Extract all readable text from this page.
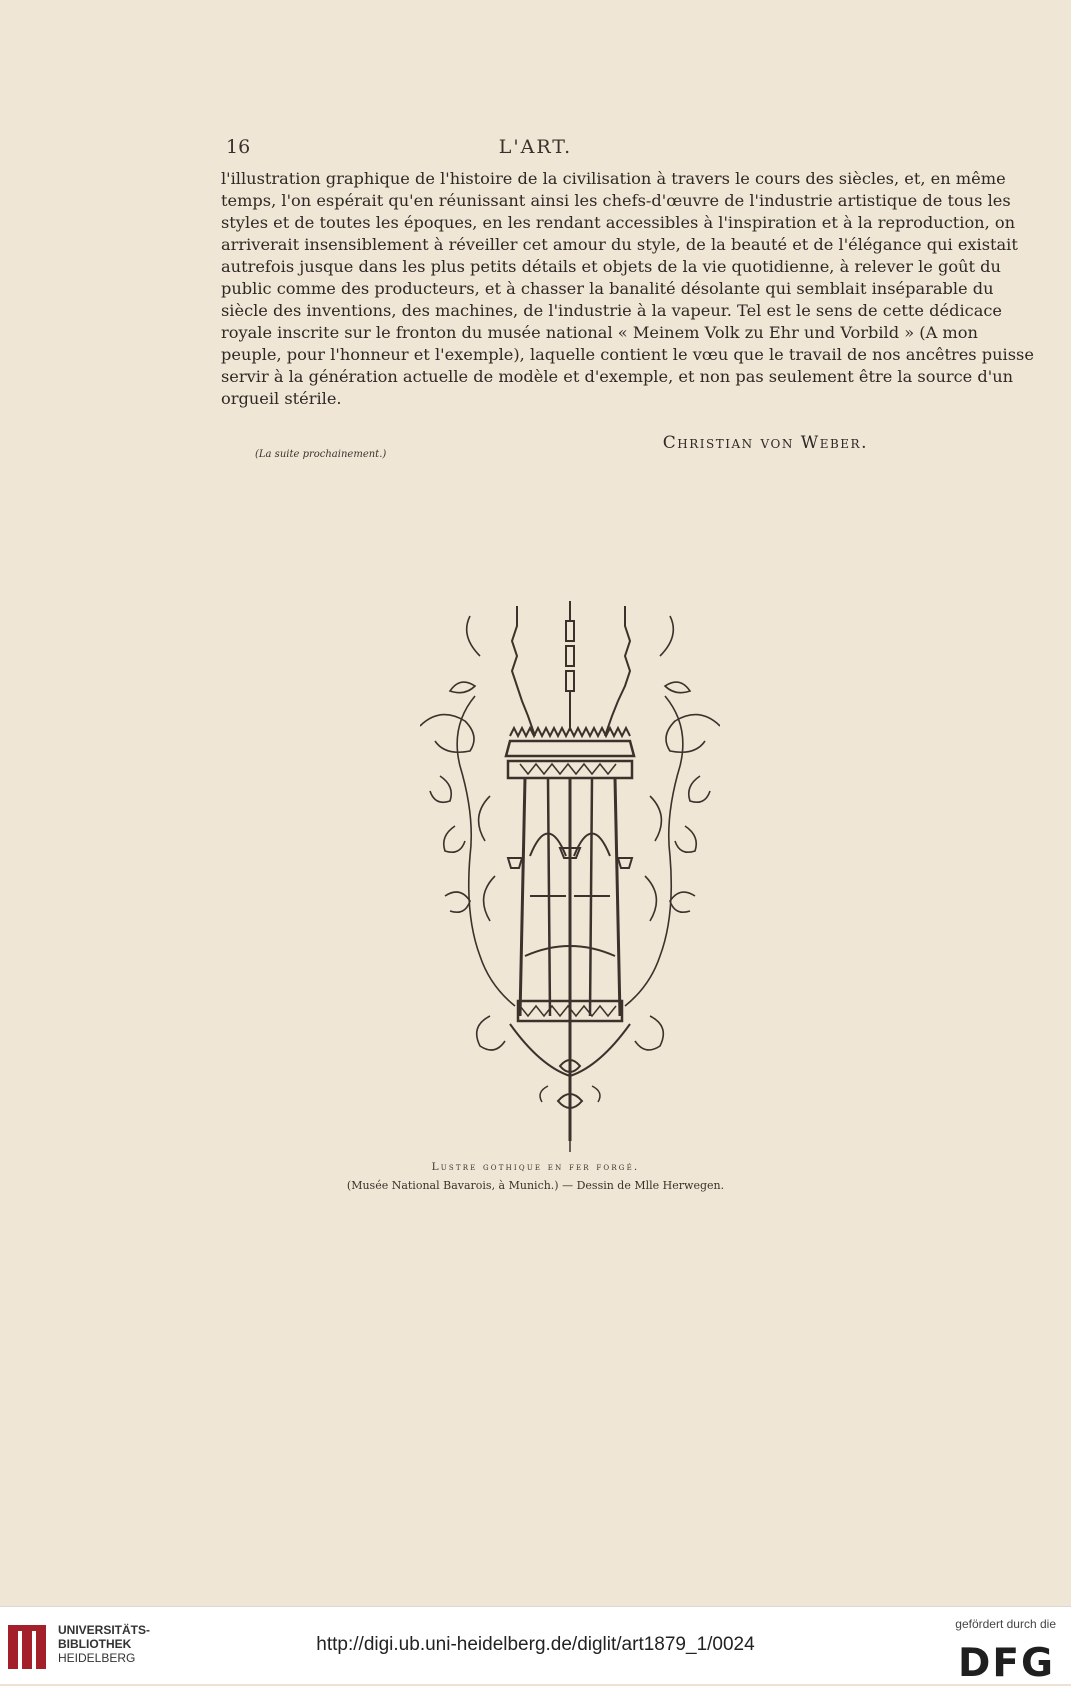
16	L'ART.
l'illustration graphique de l'histoire de la civilisation à travers le cours des siècles, et, en même
temps, l'on espérait qu'en réunissant ainsi les chefs-d'œuvre de l'industrie artistique de tous les
styles et de toutes les époques, en les rendant accessibles à l'inspiration et à la reproduction, on
arriverait insensiblement à réveiller cet amour du style, de la beauté et de l'élégance qui existait
autrefois jusque dans les plus petits détails et objets de la vie quotidienne, à relever le goût du
public comme des producteurs, et à chasser la banalité désolante qui semblait inséparable du
siècle des inventions, des machines, de l'industrie à la vapeur. Tel est le sens de cette dédicace
royale inscrite sur le fronton du musée national « Meinem Volk zu Ehr und Vorbild » (A mon
peuple, pour l'honneur et l'exemple), laquelle contient le vœu que le travail de nos ancêtres puisse
servir à la génération actuelle de modèle et d'exemple, et non pas seulement être la source d'un
orgueil stérile.
Christian von Weber.
(La suite prochainement.)
Lustre gothique en fer forgé.
(Musée National Bavarois, à Munich.) — Dessin de Mlle Herwegen.
UNIVERSITÄTS-
BIBLIOTHEK
HEIDELBERG
http://digi.ub.uni-heidelberg.de/diglit/art1879_1/0024
gefördert durch die
DFG
